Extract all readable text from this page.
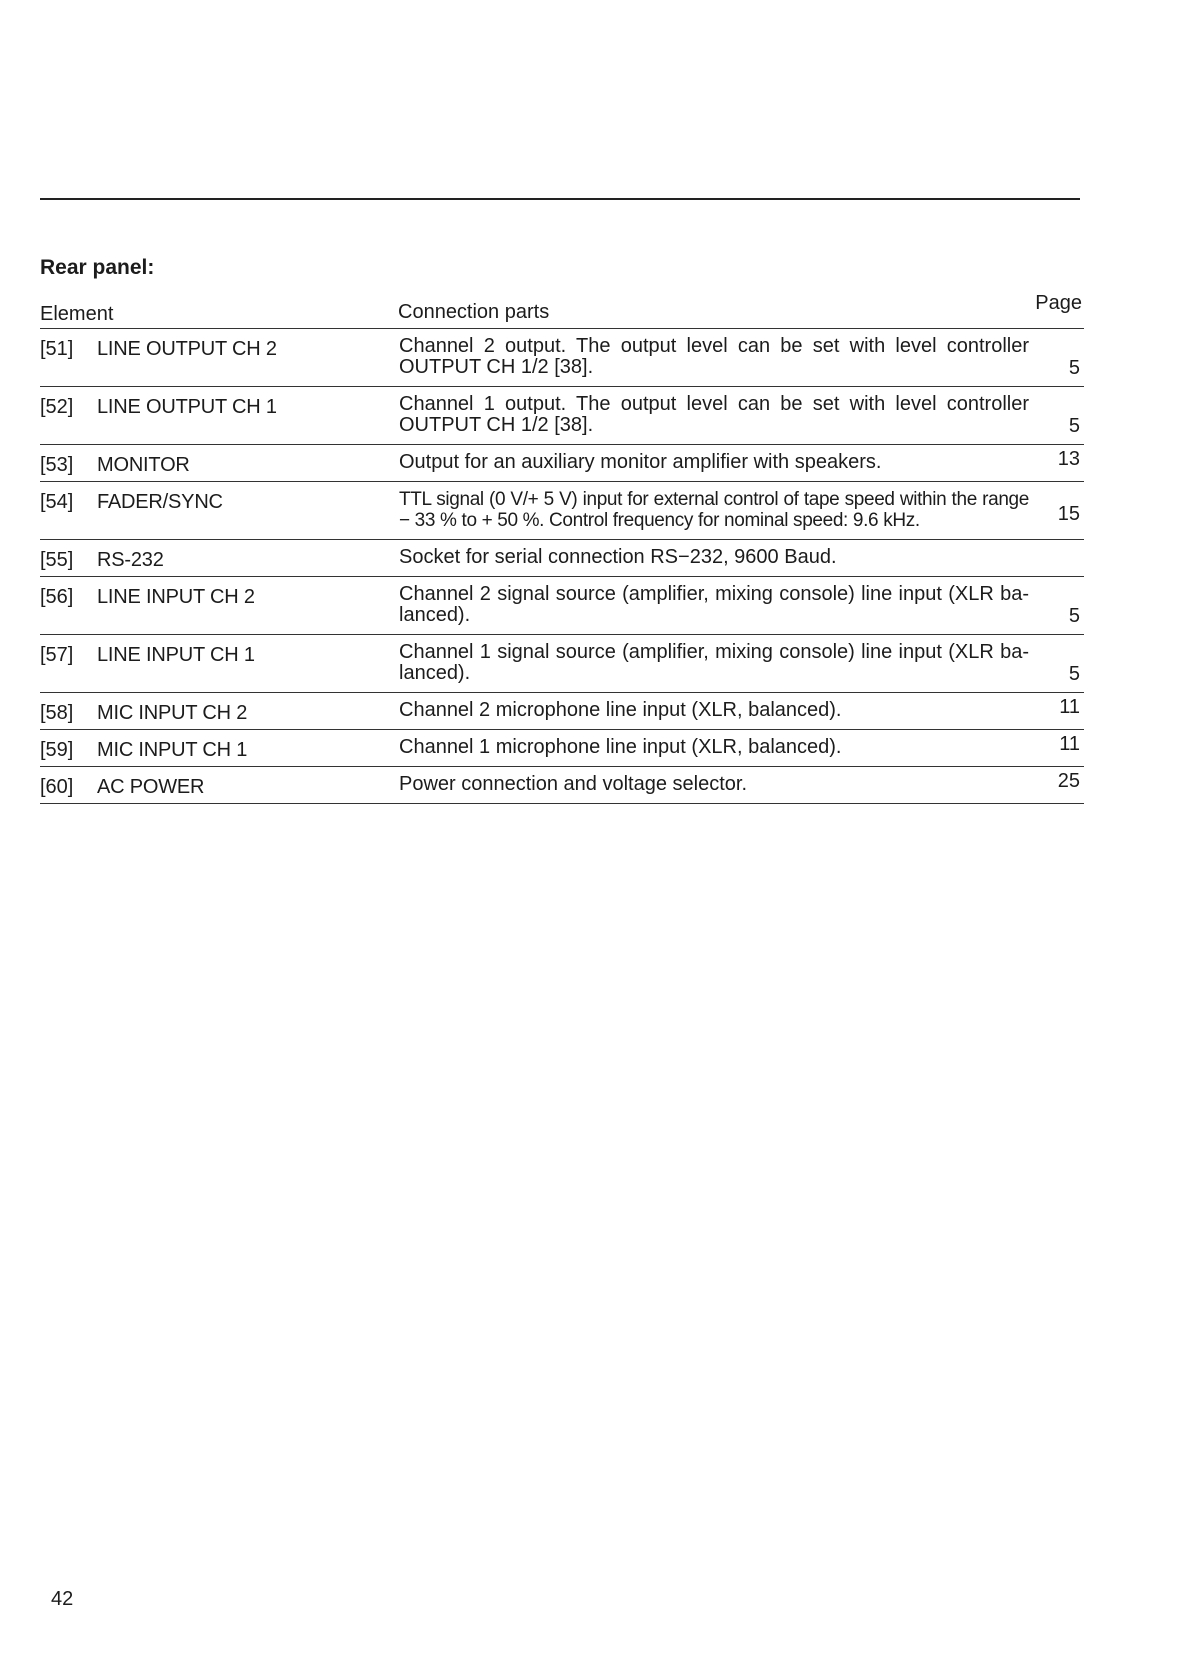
Rear panel:
Element	Connection parts	Page
[51] LINE OUTPUT CH 2	Channel 2 output. The output level can be set with level controller OUTPUT CH 1/2 [38].	5
[52] LINE OUTPUT CH 1	Channel 1 output. The output level can be set with level controller OUTPUT CH 1/2 [38].	5
[53] MONITOR	Output for an auxiliary monitor amplifier with speakers.	13
[54] FADER/SYNC	TTL signal (0 V/+ 5 V) input for external control of tape speed within the range − 33 % to + 50 %. Control frequency for nominal speed: 9.6 kHz.	15
[55] RS-232	Socket for serial connection RS−232, 9600 Baud.
[56] LINE INPUT CH 2	Channel 2 signal source (amplifier, mixing console) line input (XLR balanced).	5
[57] LINE INPUT CH 1	Channel 1 signal source (amplifier, mixing console) line input (XLR balanced).	5
[58] MIC INPUT CH 2	Channel 2 microphone line input (XLR, balanced).	11
[59] MIC INPUT CH 1	Channel 1 microphone line input (XLR, balanced).	11
[60] AC POWER	Power connection and voltage selector.	25
42
